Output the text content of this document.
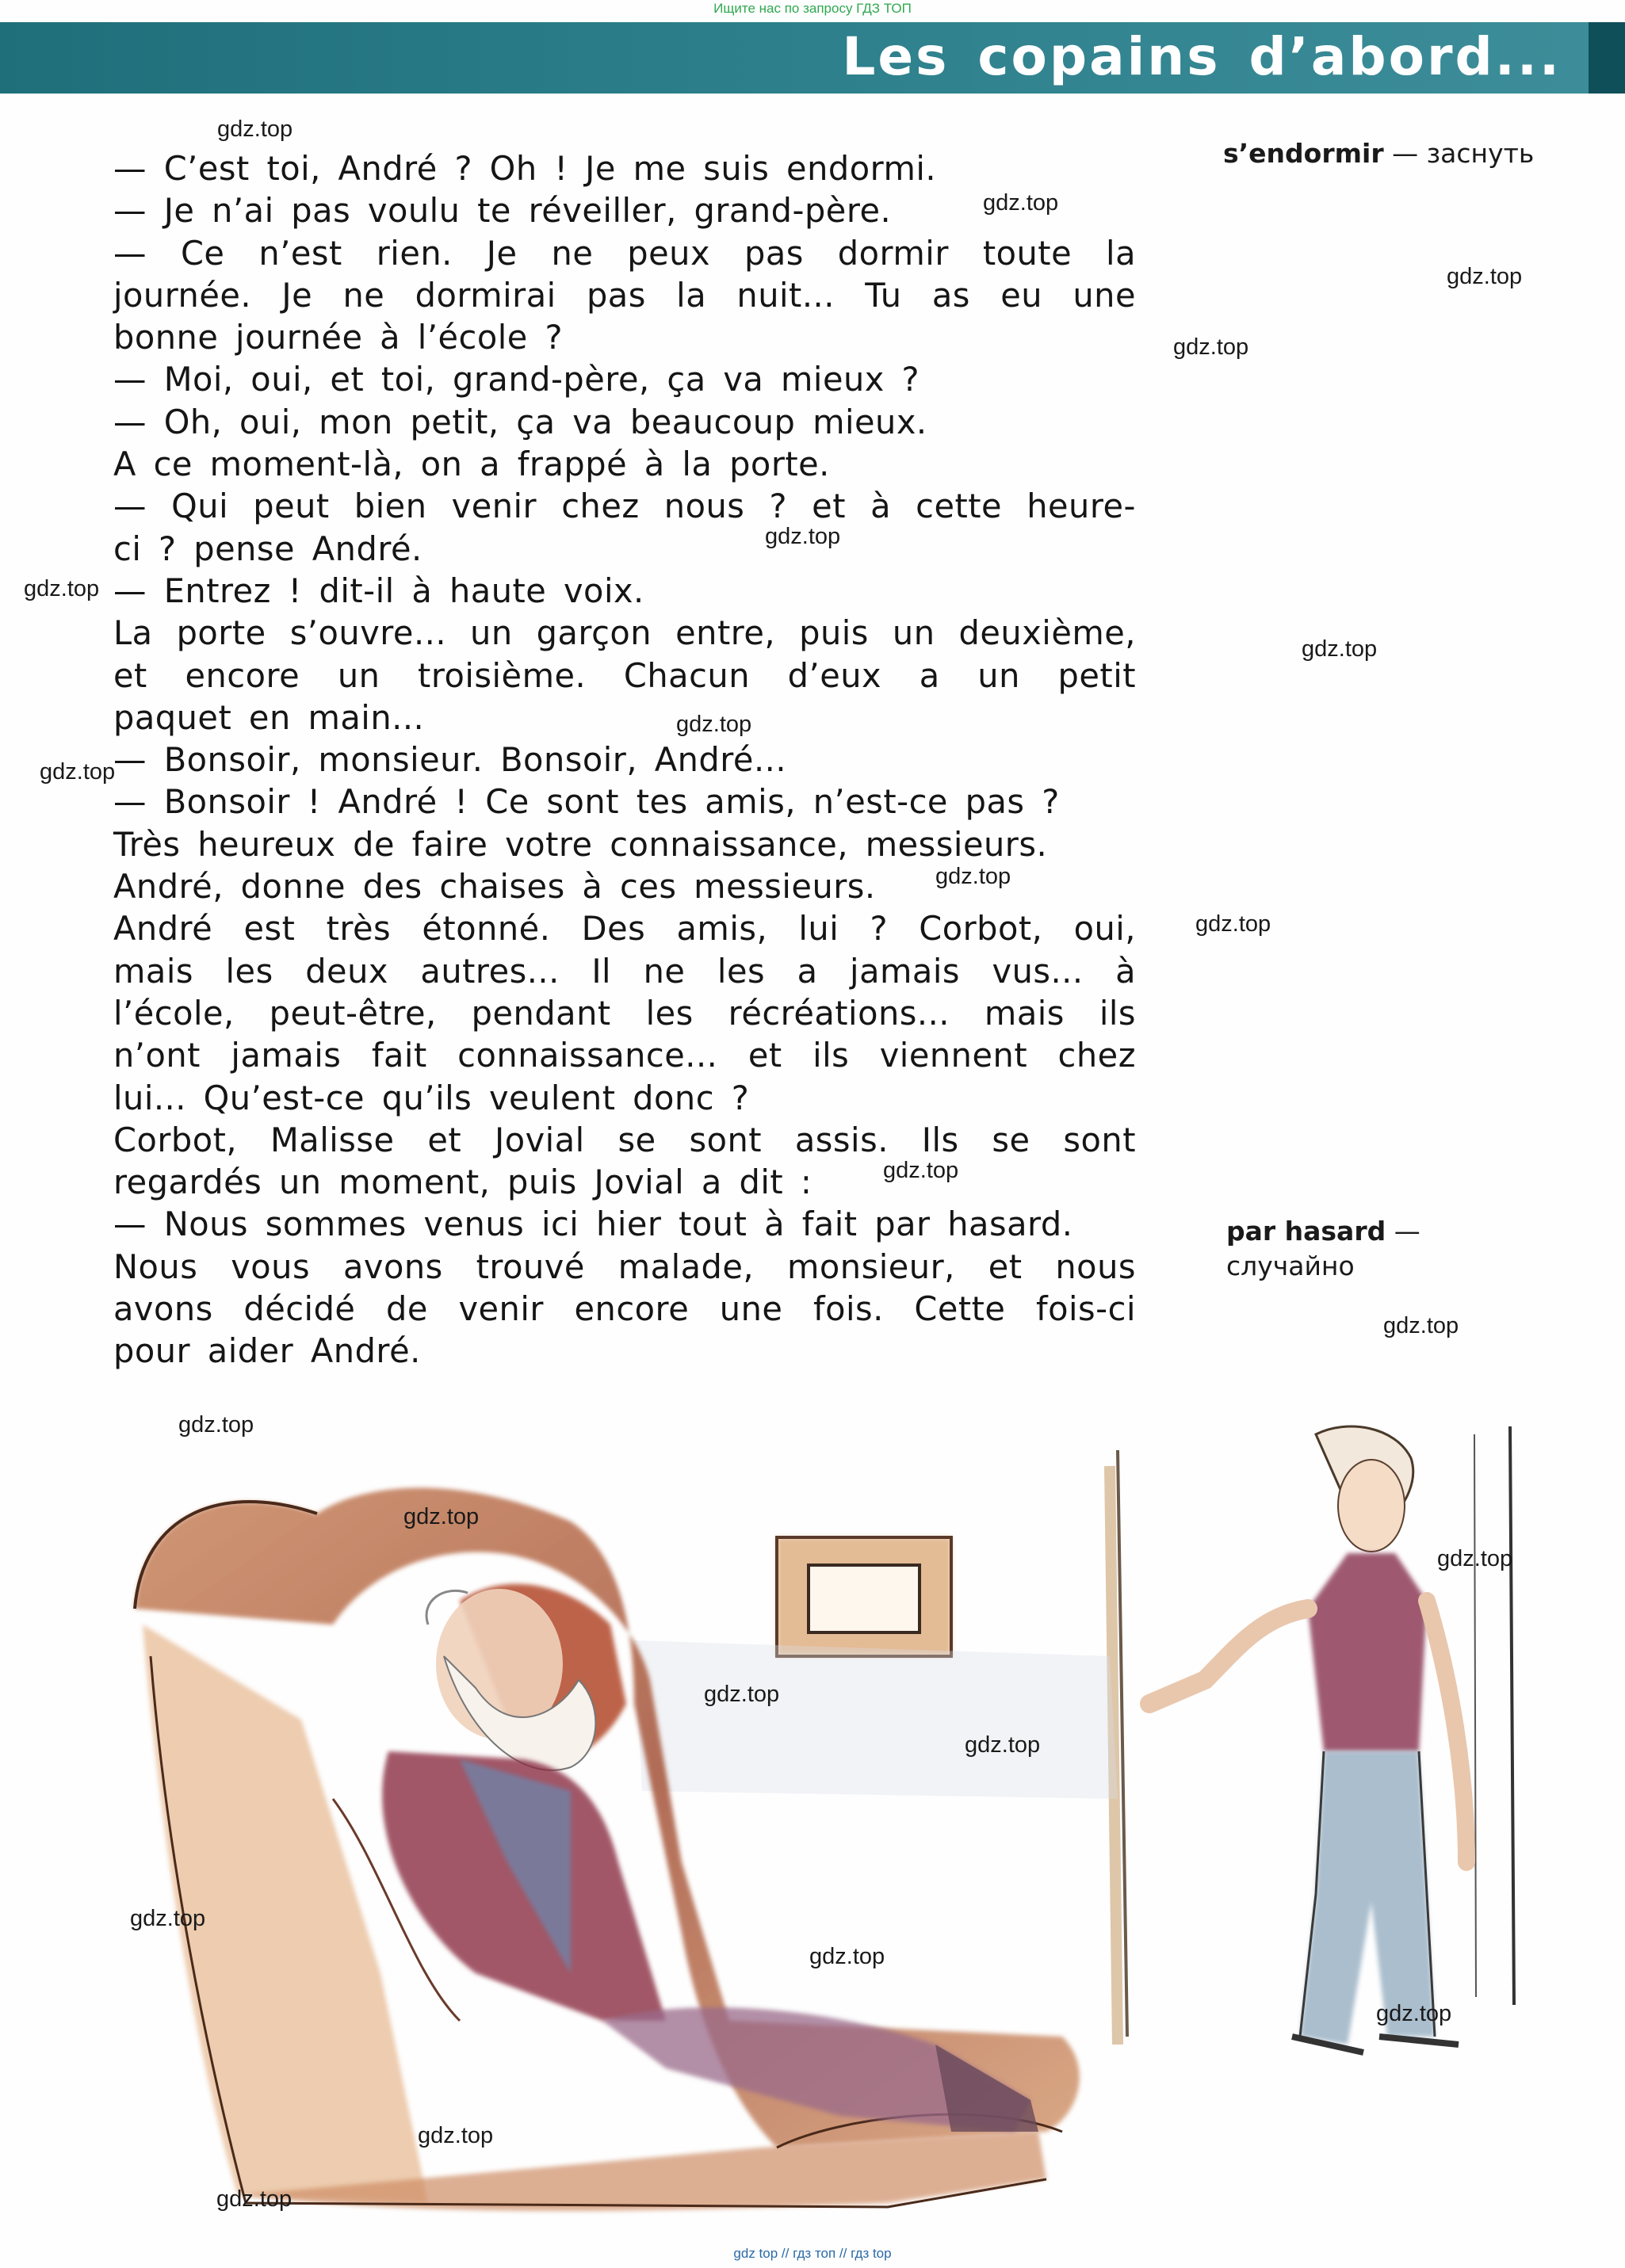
Ищите нас по запросу ГДЗ ТОП
Les copains d’abord...
— C’est toi, André ? Oh ! Je me suis endormi.
— Je n’ai pas voulu te réveiller, grand-père.
— Ce n’est rien. Je ne peux pas dormir toute la
journée. Je ne dormirai pas la nuit... Tu as eu une
bonne journée à l’école ?
— Moi, oui, et toi, grand-père, ça va mieux ?
— Oh, oui, mon petit, ça va beaucoup mieux.
A ce moment-là, on a frappé à la porte.
— Qui peut bien venir chez nous ? et à cette heure-
ci ? pense André.
— Entrez ! dit-il à haute voix.
La porte s’ouvre... un garçon entre, puis un deuxième,
et encore un troisième. Chacun d’eux a un petit
paquet en main...
— Bonsoir, monsieur. Bonsoir, André...
— Bonsoir ! André ! Ce sont tes amis, n’est-ce pas ?
Très heureux de faire votre connaissance, messieurs.
André, donne des chaises à ces messieurs.
André est très étonné. Des amis, lui ? Corbot, oui,
mais les deux autres... Il ne les a jamais vus... à
l’école, peut-être, pendant les récréations... mais ils
n’ont jamais fait connaissance... et ils viennent chez
lui... Qu’est-ce qu’ils veulent donc ?
Corbot, Malisse et Jovial se sont assis. Ils se sont
regardés un moment, puis Jovial a dit :
— Nous sommes venus ici hier tout à fait par hasard.
Nous vous avons trouvé malade, monsieur, et nous
avons décidé de venir encore une fois. Cette fois-ci
pour aider André.
s’endormir — заснуть
par hasard —
случайно
gdz.top
gdz.top
gdz.top
gdz.top
gdz.top
gdz.top
gdz.top
gdz.top
gdz.top
gdz.top
gdz.top
gdz.top
gdz.top
gdz.top
gdz.top
gdz.top
gdz.top
gdz.top
gdz.top
gdz.top
gdz.top
gdz.top
gdz.top
gdz top // гдз топ // гдз top
